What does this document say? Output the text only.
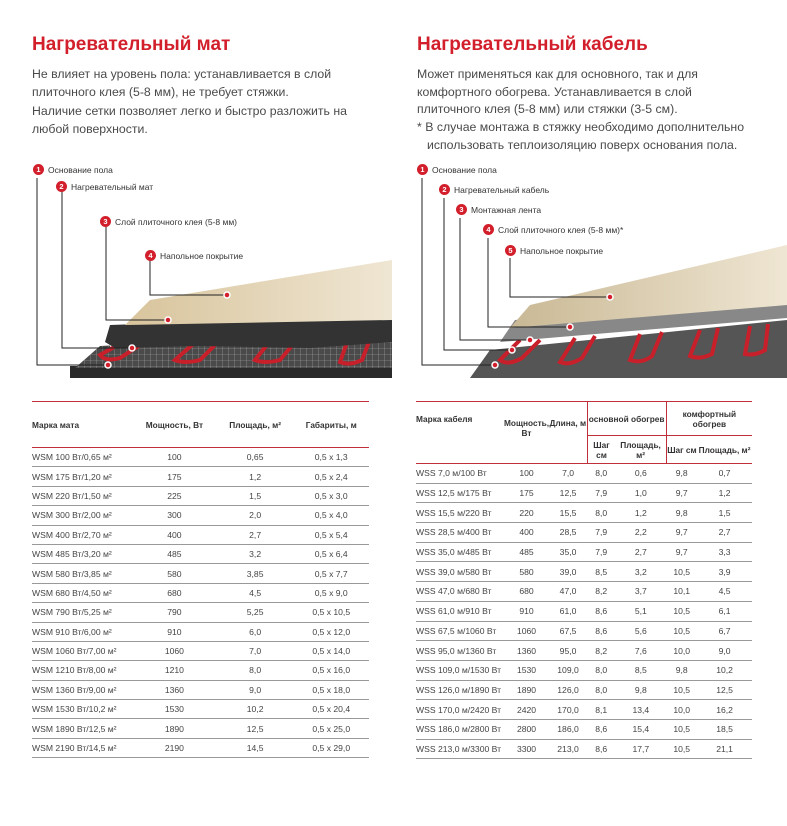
Нагревательный мат
Не влияет на уровень пола: устанавливается в слой плиточного клея (5-8 мм), не требует стяжки.
Наличие сетки позволяет легко и быстро разложить на любой поверхности.
Нагревательный кабель
Может применяться как для основного, так и для комфортного обогрева. Устанавливается в слой плиточного клея (5-8 мм) или стяжки (3-5 см).
* В случае монтажа в стяжку необходимо дополнительно использовать теплоизоляцию поверх основания пола.
1 Основание пола
2 Нагревательный мат
3 Слой плиточного клея (5-8 мм)
4 Напольное покрытие
1 Основание пола
2 Нагревательный кабель
3 Монтажная лента
4 Слой плиточного клея (5-8 мм)*
5 Напольное покрытие
Марка мата	Мощность, Вт	Площадь, м²	Габариты, м
WSM 100 Вт/0,65 м²	100	0,65	0,5 x 1,3
WSM 175 Вт/1,20 м²	175	1,2	0,5 x 2,4
WSM 220 Вт/1,50 м²	225	1,5	0,5 x 3,0
WSM 300 Вт/2,00 м²	300	2,0	0,5 x 4,0
WSM 400 Вт/2,70 м²	400	2,7	0,5 x 5,4
WSM 485 Вт/3,20 м²	485	3,2	0,5 x 6,4
WSM 580 Вт/3,85 м²	580	3,85	0,5 x 7,7
WSM 680 Вт/4,50 м²	680	4,5	0,5 x 9,0
WSM 790 Вт/5,25 м²	790	5,25	0,5 x 10,5
WSM 910 Вт/6,00 м²	910	6,0	0,5 x 12,0
WSM 1060 Вт/7,00 м²	1060	7,0	0,5 x 14,0
WSM 1210 Вт/8,00 м²	1210	8,0	0,5 x 16,0
WSM 1360 Вт/9,00 м²	1360	9,0	0,5 x 18,0
WSM 1530 Вт/10,2 м²	1530	10,2	0,5 x 20,4
WSM 1890 Вт/12,5 м²	1890	12,5	0,5 x 25,0
WSM 2190 Вт/14,5 м²	2190	14,5	0,5 x 29,0
Марка кабеля	Мощность, Вт	Длина, м	основной обогрев		комфортный обогрев	
			Шаг см	Площадь, м²	Шаг см	Площадь, м²
WSS 7,0 м/100 Вт	100	7,0	8,0	0,6	9,8	0,7
WSS 12,5 м/175 Вт	175	12,5	7,9	1,0	9,7	1,2
WSS 15,5 м/220 Вт	220	15,5	8,0	1,2	9,8	1,5
WSS 28,5 м/400 Вт	400	28,5	7,9	2,2	9,7	2,7
WSS 35,0 м/485 Вт	485	35,0	7,9	2,7	9,7	3,3
WSS 39,0 м/580 Вт	580	39,0	8,5	3,2	10,5	3,9
WSS 47,0 м/680 Вт	680	47,0	8,2	3,7	10,1	4,5
WSS 61,0 м/910 Вт	910	61,0	8,6	5,1	10,5	6,1
WSS 67,5 м/1060 Вт	1060	67,5	8,6	5,6	10,5	6,7
WSS 95,0 м/1360 Вт	1360	95,0	8,2	7,6	10,0	9,0
WSS 109,0 м/1530 Вт	1530	109,0	8,0	8,5	9,8	10,2
WSS 126,0 м/1890 Вт	1890	126,0	8,0	9,8	10,5	12,5
WSS 170,0 м/2420 Вт	2420	170,0	8,1	13,4	10,0	16,2
WSS 186,0 м/2800 Вт	2800	186,0	8,6	15,4	10,5	18,5
WSS 213,0 м/3300 Вт	3300	213,0	8,6	17,7	10,5	21,1
